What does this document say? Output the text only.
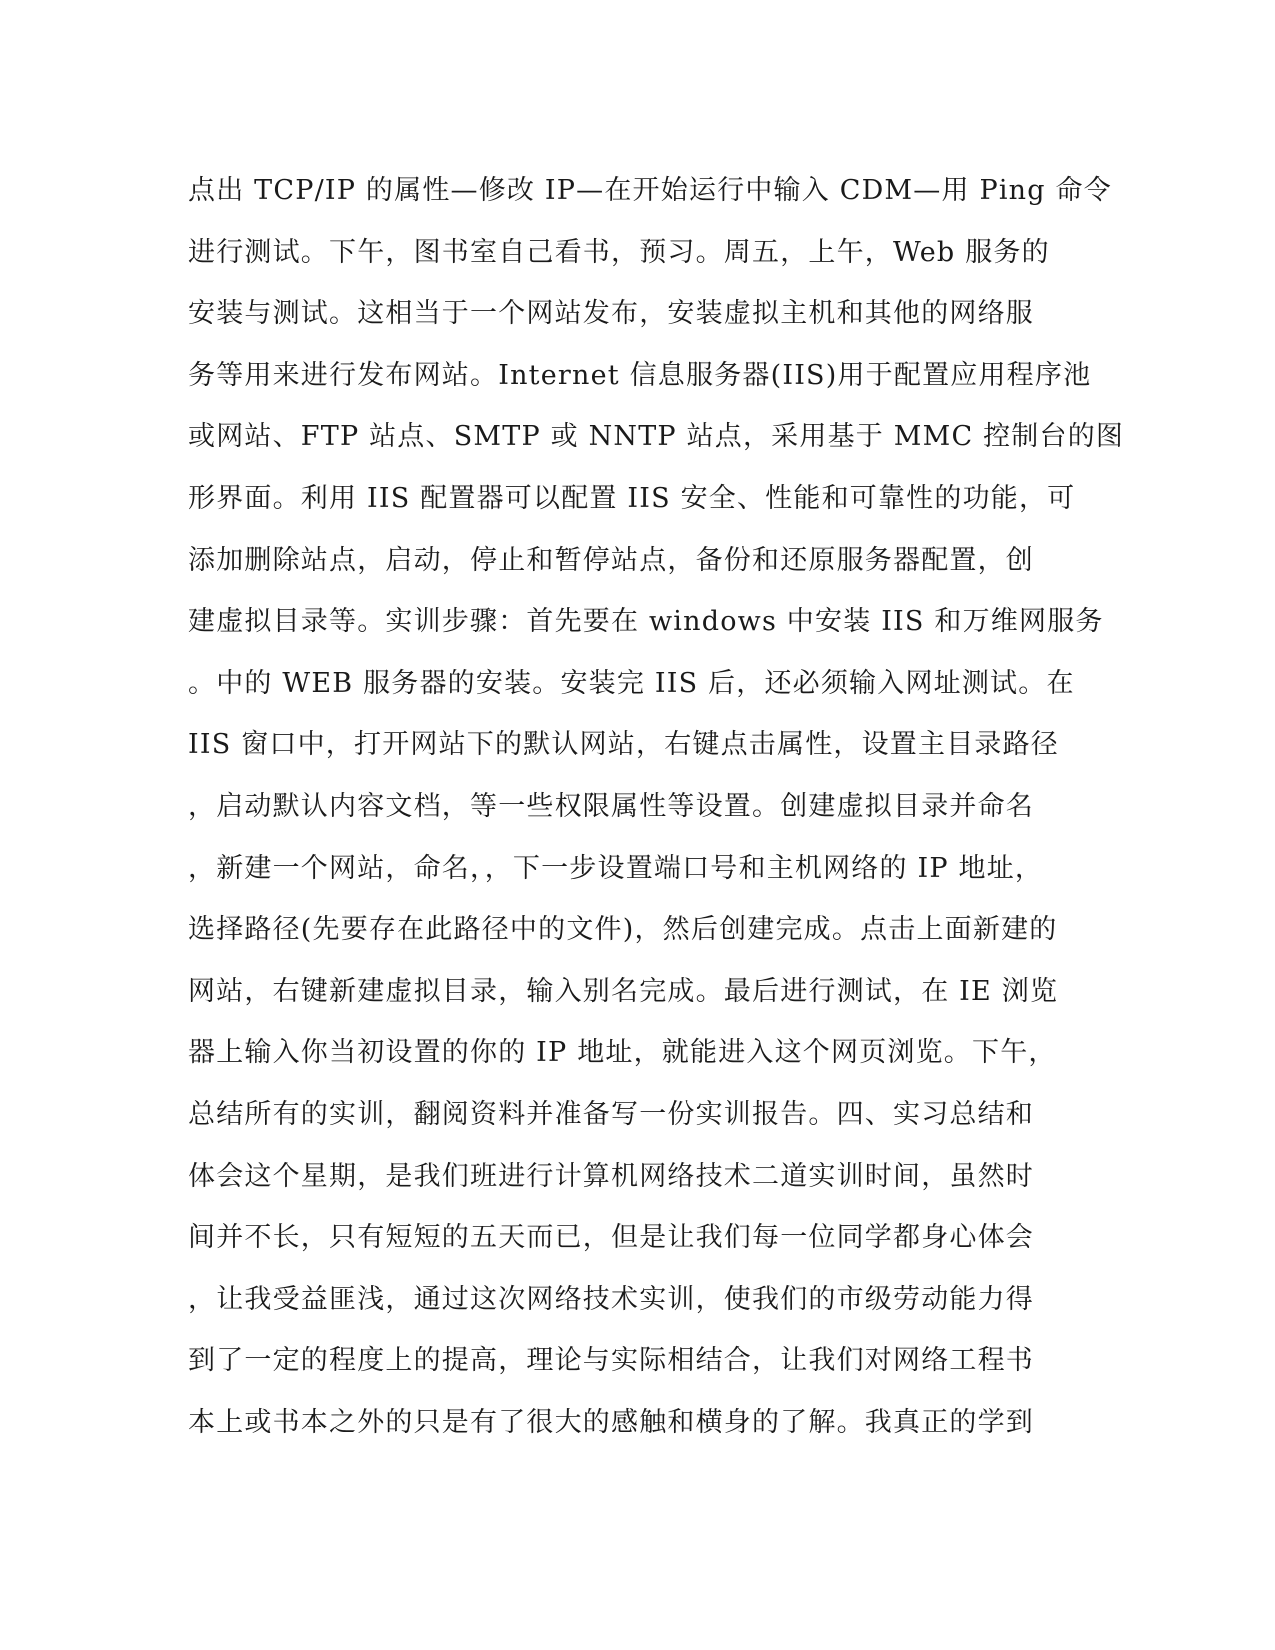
点出 TCP/IP 的属性—修改 IP—在开始运行中输入 CDM—用 Ping 命令
进行测试。下午，图书室自己看书，预习。周五，上午，Web 服务的
安装与测试。这相当于一个网站发布，安装虚拟主机和其他的网络服
务等用来进行发布网站。Internet 信息服务器(IIS)用于配置应用程序池
或网站、FTP 站点、SMTP 或 NNTP 站点，采用基于 MMC 控制台的图
形界面。利用 IIS 配置器可以配置 IIS 安全、性能和可靠性的功能，可
添加删除站点，启动，停止和暂停站点，备份和还原服务器配置，创
建虚拟目录等。实训步骤：首先要在 windows 中安装 IIS 和万维网服务
。中的 WEB 服务器的安装。安装完 IIS 后，还必须输入网址测试。在
IIS 窗口中，打开网站下的默认网站，右键点击属性，设置主目录路径
，启动默认内容文档，等一些权限属性等设置。创建虚拟目录并命名
，新建一个网站，命名，，下一步设置端口号和主机网络的 IP 地址，
选择路径(先要存在此路径中的文件)，然后创建完成。点击上面新建的
网站，右键新建虚拟目录，输入别名完成。最后进行测试，在 IE 浏览
器上输入你当初设置的你的 IP 地址，就能进入这个网页浏览。下午，
总结所有的实训，翻阅资料并准备写一份实训报告。四、实习总结和
体会这个星期，是我们班进行计算机网络技术二道实训时间，虽然时
间并不长，只有短短的五天而已，但是让我们每一位同学都身心体会
，让我受益匪浅，通过这次网络技术实训，使我们的市级劳动能力得
到了一定的程度上的提高，理论与实际相结合，让我们对网络工程书
本上或书本之外的只是有了很大的感触和横身的了解。我真正的学到
